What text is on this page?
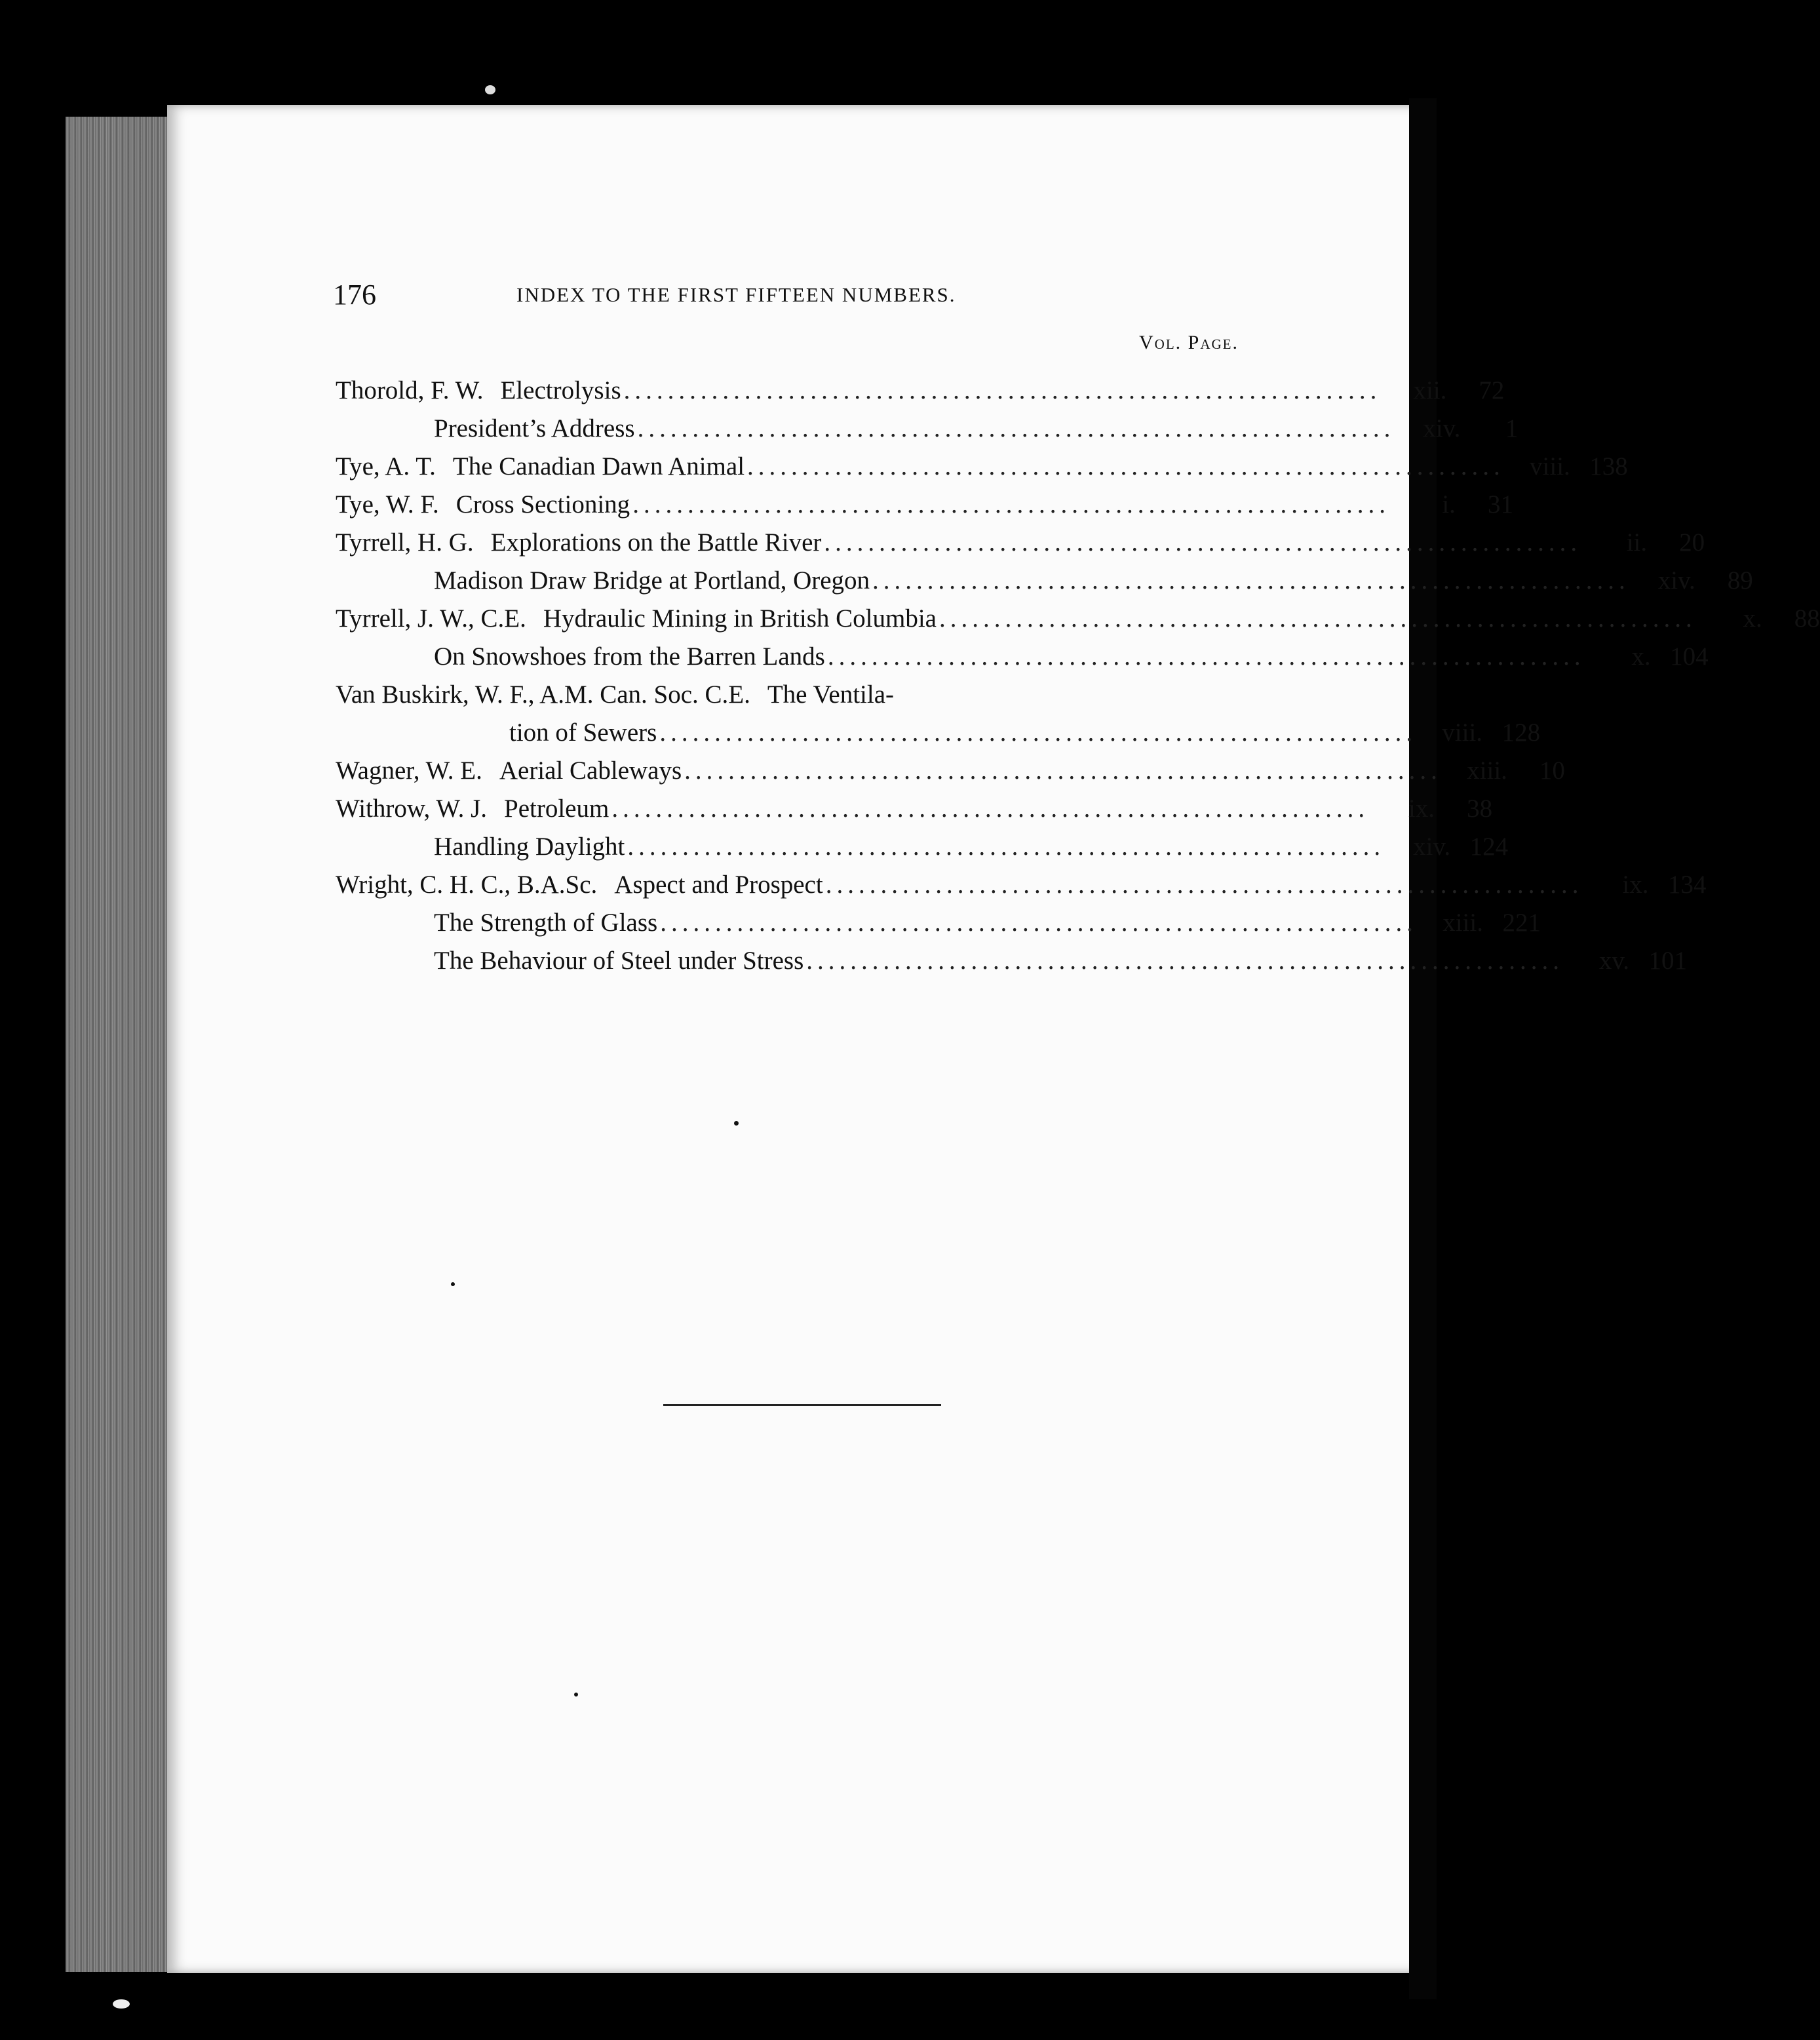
176	INDEX TO THE FIRST FIFTEEN NUMBERS.
Vol. Page.
Thorold, F. W. Electrolysis .....................................................................	xii.	72
President’s Address .....................................................................	xiv.	1
Tye, A. T. The Canadian Dawn Animal ..................................................................... viii. 138
Tye, W. F. Cross Sectioning .....................................................................	i.	31
Tyrrell, H. G. Explorations on the Battle River .....................................................................	ii.	20
Madison Draw Bridge at Portland, Oregon .....................................................................	xiv.	89
Tyrrell, J. W., C.E. Hydraulic Mining in British Columbia .....................................................................	x.	88
On Snowshoes from the Barren Lands .....................................................................	x. 104
Van Buskirk, W. F., A.M. Can. Soc. C.E. The Ventila-
tion of Sewers ..................................................................... viii. 128
Wagner, W. E. Aerial Cableways ..................................................................... xiii.	10
Withrow, W. J. Petroleum .....................................................................	ix.	38
Handling Daylight .....................................................................	xiv. 124
Wright, C. H. C., B.A.Sc. Aspect and Prospect .....................................................................	ix. 134
The Strength of Glass ..................................................................... xiii. 221
The Behaviour of Steel under Stress .....................................................................	xv. 101
